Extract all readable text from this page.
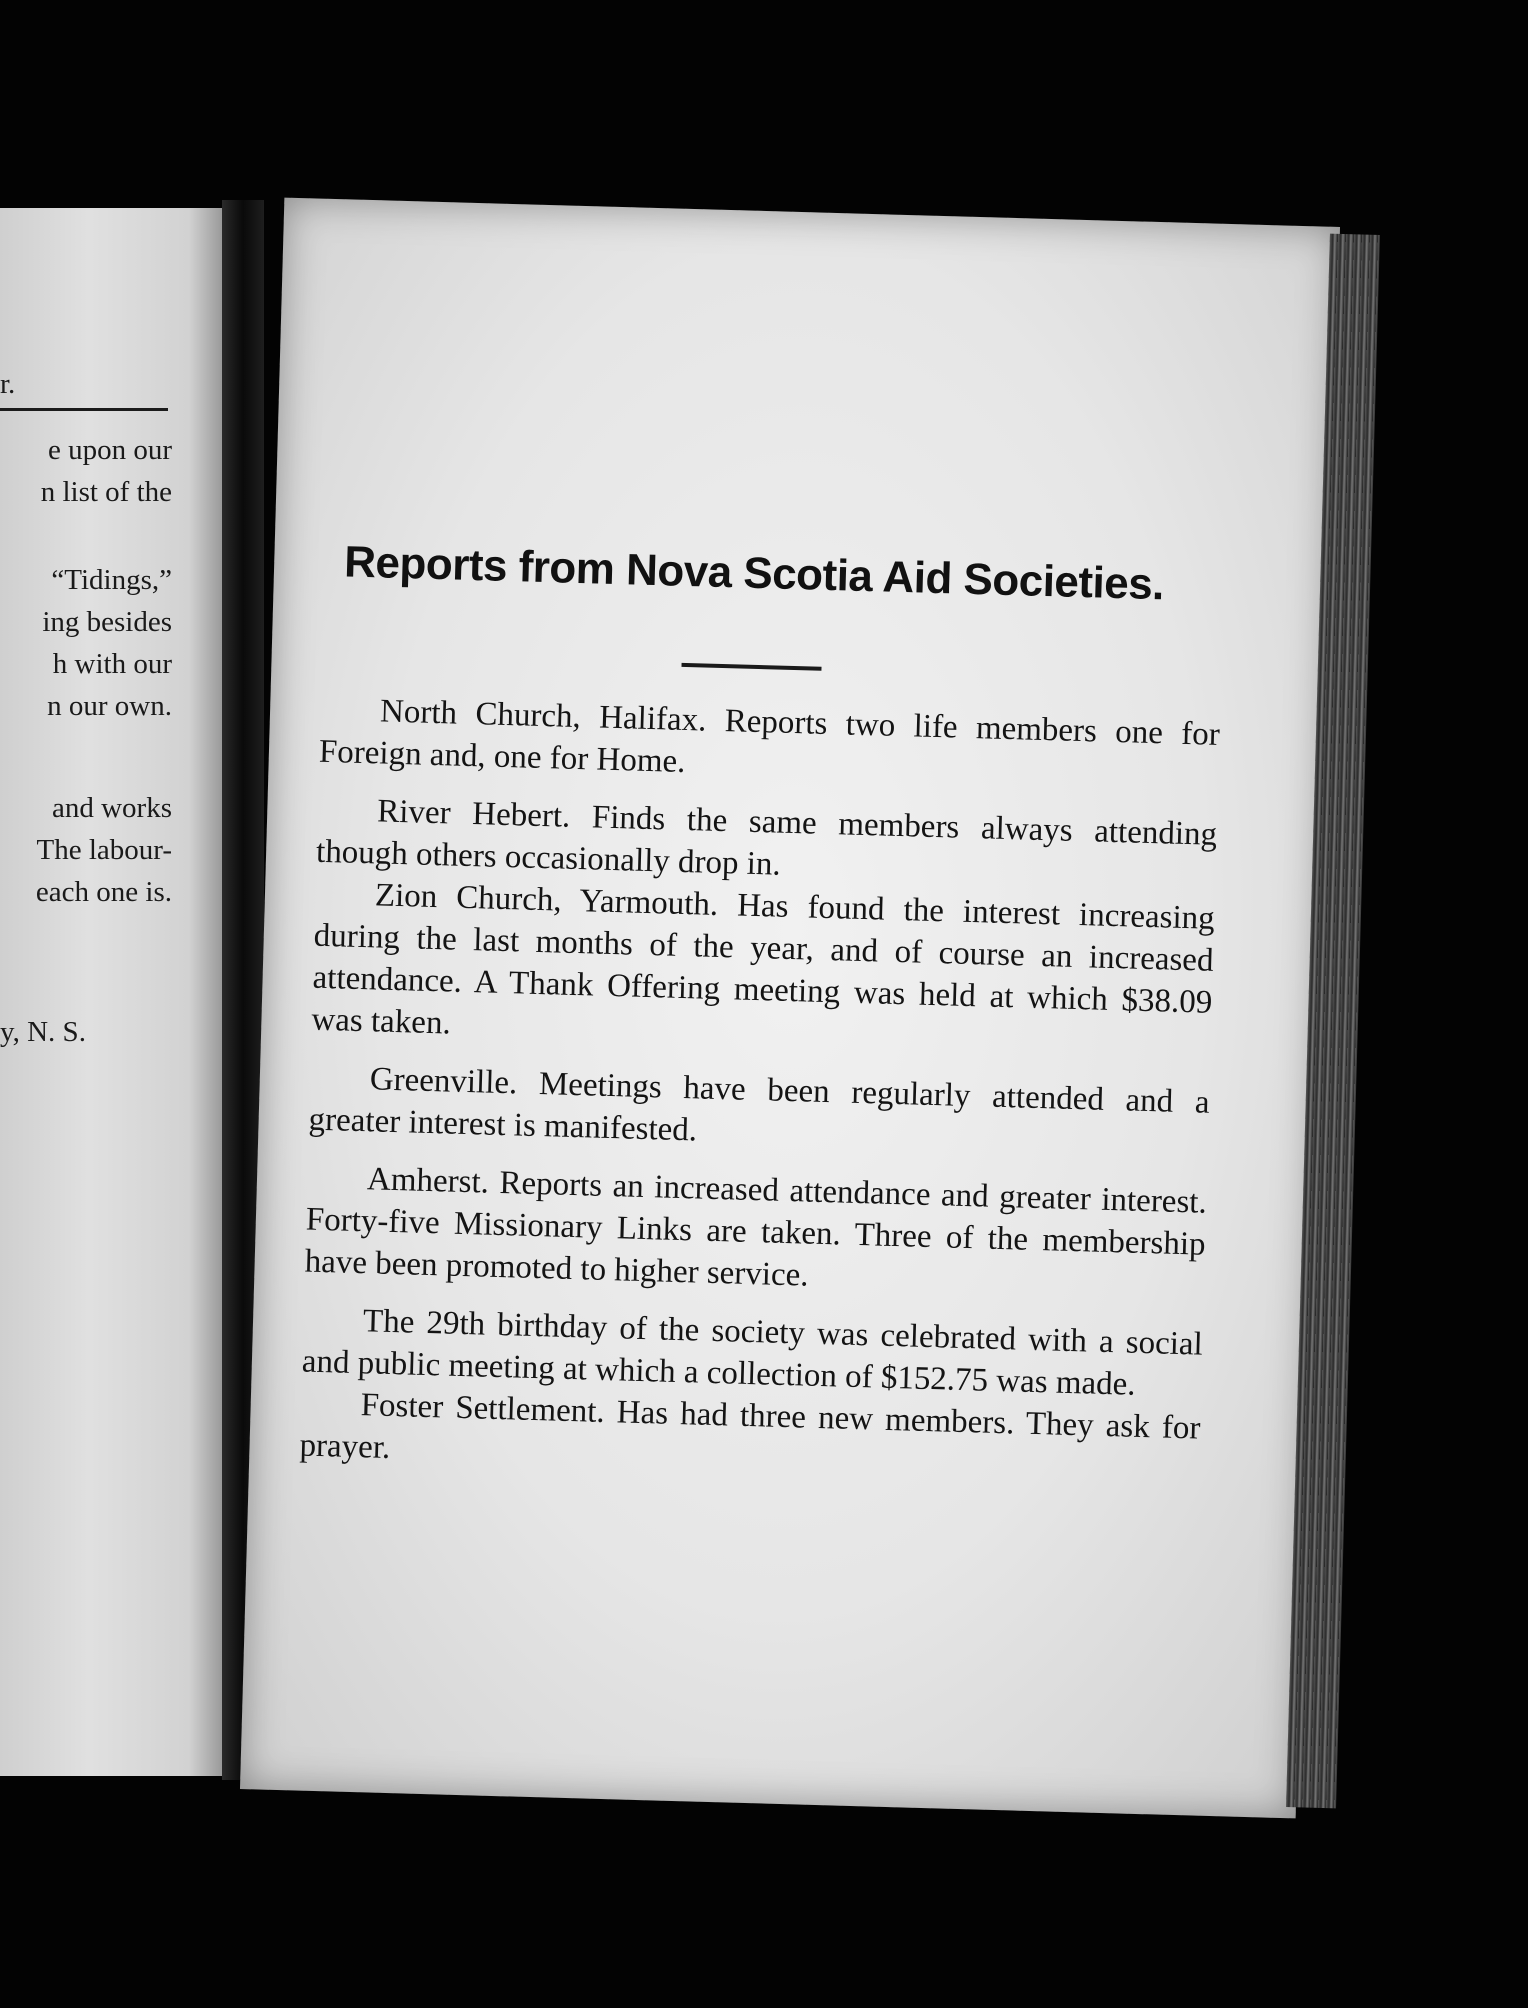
r.
e upon our
n list of the
“Tidings,”
ing besides
h with our
n our own.
and works
The labour-
each one is.
y, N. S.
Reports from Nova Scotia Aid Societies.

North Church, Halifax. Reports two life members one for Foreign and, one for Home.

River Hebert. Finds the same members always attending though others occasionally drop in.

Zion Church, Yarmouth. Has found the interest increasing during the last months of the year, and of course an increased attendance. A Thank Offering meeting was held at which $38.09 was taken.

Greenville. Meetings have been regularly attended and a greater interest is manifested.

Amherst. Reports an increased attendance and greater interest. Forty-five Missionary Links are taken. Three of the membership have been promoted to higher service.

The 29th birthday of the society was celebrated with a social and public meeting at which a collection of $152.75 was made.

Foster Settlement. Has had three new members. They ask for prayer.
